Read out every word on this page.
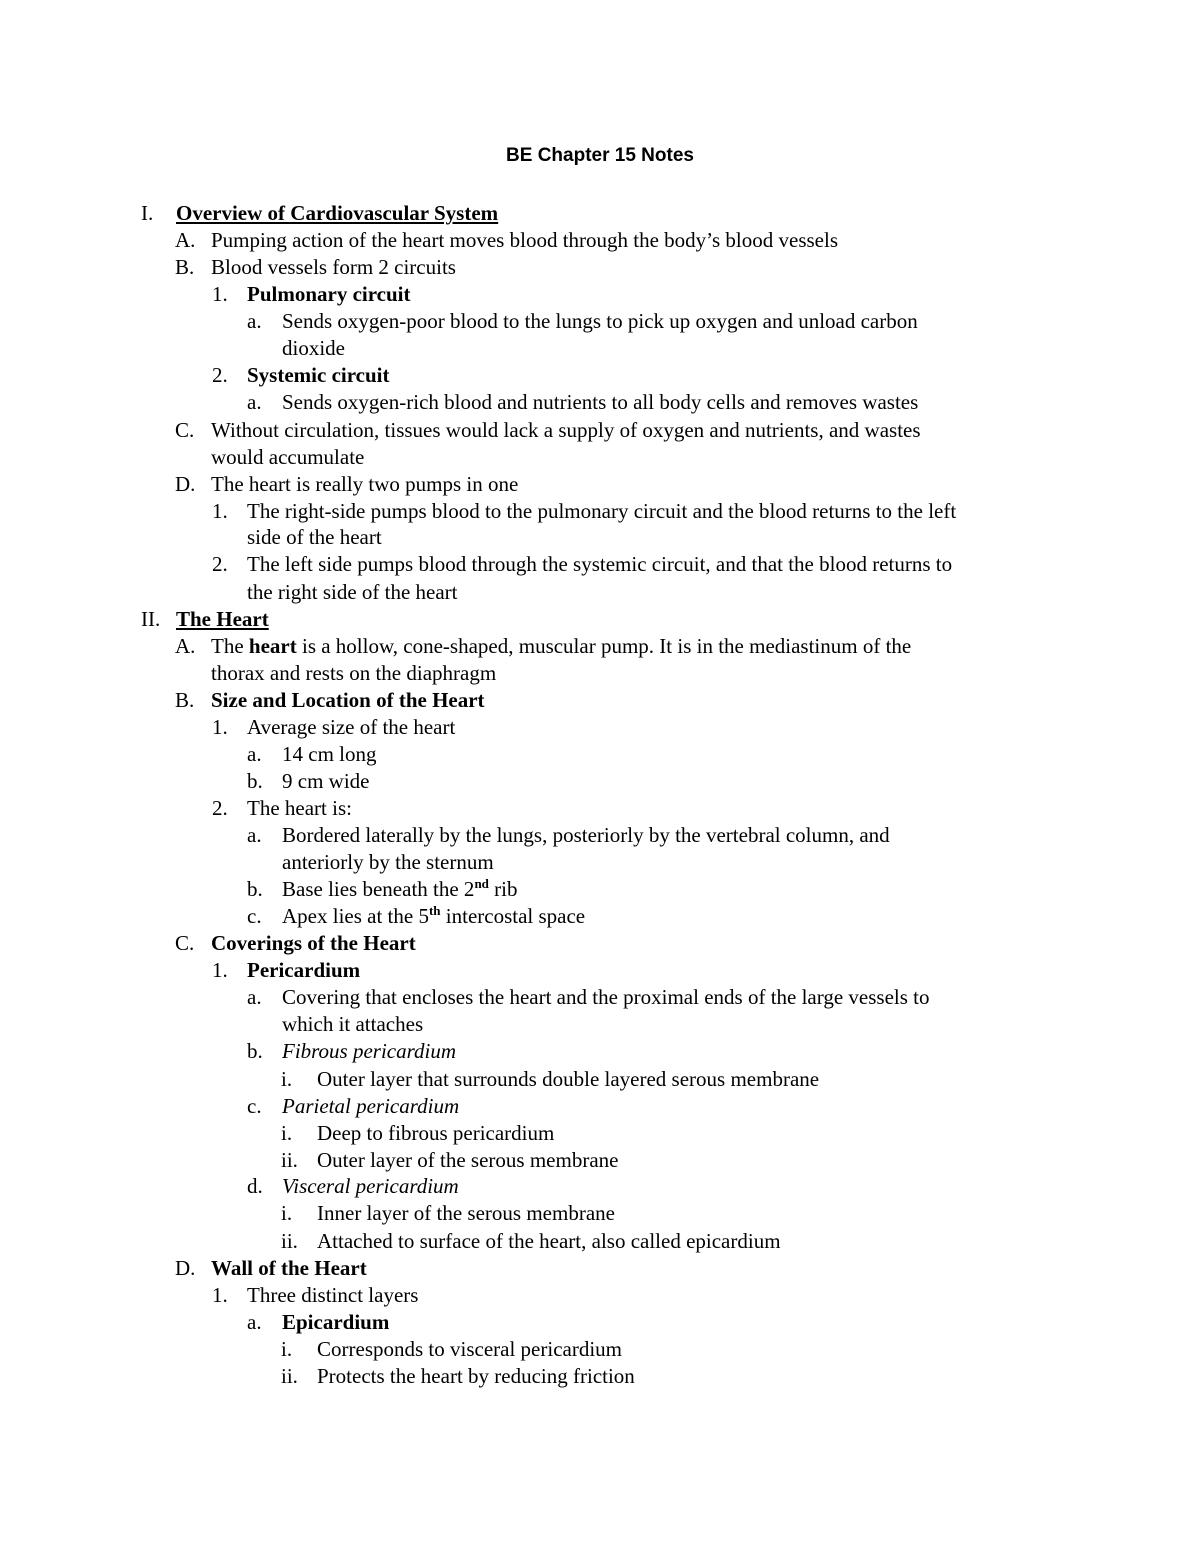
BE Chapter 15 Notes
I. Overview of Cardiovascular System
A. Pumping action of the heart moves blood through the body’s blood vessels
B. Blood vessels form 2 circuits
1. Pulmonary circuit
a. Sends oxygen-poor blood to the lungs to pick up oxygen and unload carbon
dioxide
2. Systemic circuit
a. Sends oxygen-rich blood and nutrients to all body cells and removes wastes
C. Without circulation, tissues would lack a supply of oxygen and nutrients, and wastes
would accumulate
D. The heart is really two pumps in one
1. The right-side pumps blood to the pulmonary circuit and the blood returns to the left
side of the heart
2. The left side pumps blood through the systemic circuit, and that the blood returns to
the right side of the heart
II. The Heart
A. The heart is a hollow, cone-shaped, muscular pump. It is in the mediastinum of the
thorax and rests on the diaphragm
B. Size and Location of the Heart
1. Average size of the heart
a. 14 cm long
b. 9 cm wide
2. The heart is:
a. Bordered laterally by the lungs, posteriorly by the vertebral column, and
anteriorly by the sternum
b. Base lies beneath the 2nd rib
c. Apex lies at the 5th intercostal space
C. Coverings of the Heart
1. Pericardium
a. Covering that encloses the heart and the proximal ends of the large vessels to
which it attaches
b. Fibrous pericardium
i. Outer layer that surrounds double layered serous membrane
c. Parietal pericardium
i. Deep to fibrous pericardium
ii. Outer layer of the serous membrane
d. Visceral pericardium
i. Inner layer of the serous membrane
ii. Attached to surface of the heart, also called epicardium
D. Wall of the Heart
1. Three distinct layers
a. Epicardium
i. Corresponds to visceral pericardium
ii. Protects the heart by reducing friction
